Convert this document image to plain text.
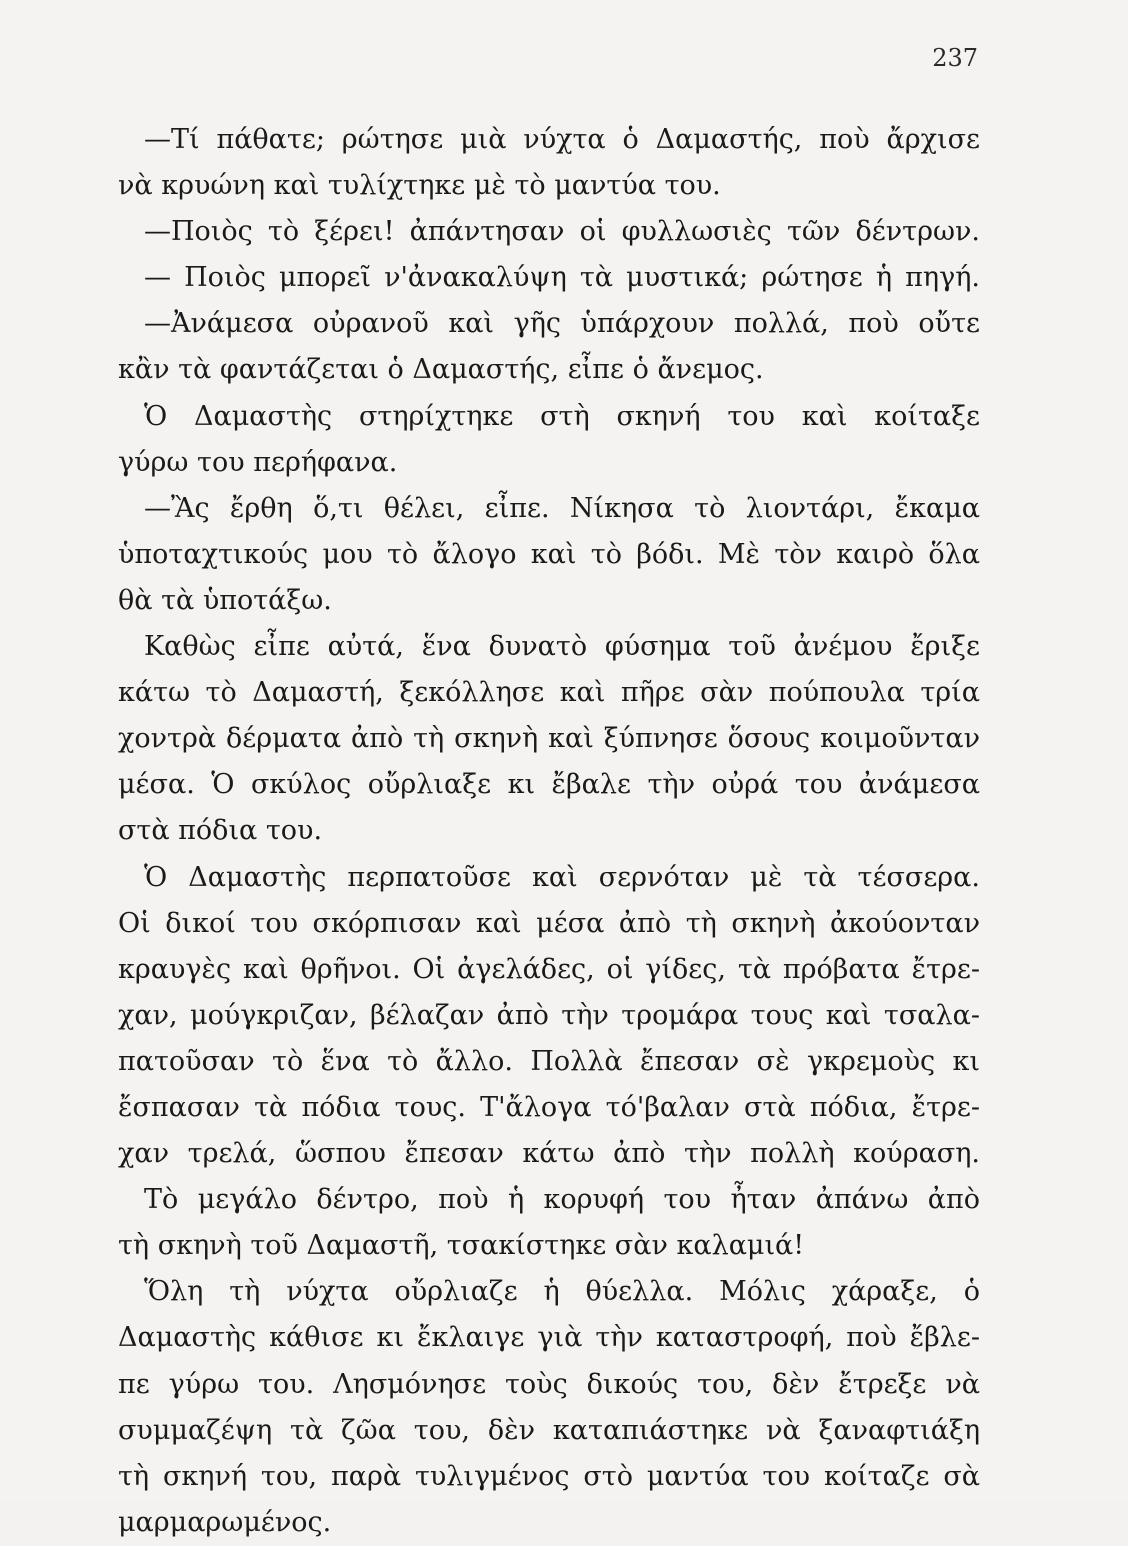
237
—Τί πάθατε; ρώτησε μιὰ νύχτα ὁ Δαμαστής, ποὺ ἄρχισε
νὰ κρυώνη καὶ τυλίχτηκε μὲ τὸ μαντύα του.
—Ποιὸς τὸ ξέρει! ἀπάντησαν οἱ φυλλωσιὲς τῶν δέντρων.
— Ποιὸς μπορεῖ ν'ἀνακαλύψη τὰ μυστικά; ρώτησε ἡ πηγή.
—Ἀνάμεσα οὐρανοῦ καὶ γῆς ὑπάρχουν πολλά, ποὺ οὔτε
κἂν τὰ φαντάζεται ὁ Δαμαστής, εἶπε ὁ ἄνεμος.
Ὁ Δαμαστὴς στηρίχτηκε στὴ σκηνή του καὶ κοίταξε
γύρω του περήφανα.
—Ἂς ἔρθη ὅ,τι θέλει, εἶπε. Νίκησα τὸ λιοντάρι, ἔκαμα
ὑποταχτικούς μου τὸ ἄλογο καὶ τὸ βόδι. Μὲ τὸν καιρὸ ὅλα
θὰ τὰ ὑποτάξω.
Καθὼς εἶπε αὐτά, ἕνα δυνατὸ φύσημα τοῦ ἀνέμου ἔριξε
κάτω τὸ Δαμαστή, ξεκόλλησε καὶ πῆρε σὰν πούπουλα τρία
χοντρὰ δέρματα ἀπὸ τὴ σκηνὴ καὶ ξύπνησε ὅσους κοιμοῦνταν
μέσα. Ὁ σκύλος οὔρλιαξε κι ἔβαλε τὴν οὐρά του ἀνάμεσα
στὰ πόδια του.
Ὁ Δαμαστὴς περπατοῦσε καὶ σερνόταν μὲ τὰ τέσσερα.
Οἱ δικοί του σκόρπισαν καὶ μέσα ἀπὸ τὴ σκηνὴ ἀκούονταν
κραυγὲς καὶ θρῆνοι. Οἱ ἀγελάδες, οἱ γίδες, τὰ πρόβατα ἔτρε-
χαν, μούγκριζαν, βέλαζαν ἀπὸ τὴν τρομάρα τους καὶ τσαλα-
πατοῦσαν τὸ ἕνα τὸ ἄλλο. Πολλὰ ἔπεσαν σὲ γκρεμοὺς κι
ἔσπασαν τὰ πόδια τους. Τ'ἄλογα τό'βαλαν στὰ πόδια, ἔτρε-
χαν τρελά, ὥσπου ἔπεσαν κάτω ἀπὸ τὴν πολλὴ κούραση.
Τὸ μεγάλο δέντρο, ποὺ ἡ κορυφή του ἦταν ἀπάνω ἀπὸ
τὴ σκηνὴ τοῦ Δαμαστῆ, τσακίστηκε σὰν καλαμιά!
Ὅλη τὴ νύχτα οὔρλιαζε ἡ θύελλα. Μόλις χάραξε, ὁ
Δαμαστὴς κάθισε κι ἔκλαιγε γιὰ τὴν καταστροφή, ποὺ ἔβλε-
πε γύρω του. Λησμόνησε τοὺς δικούς του, δὲν ἔτρεξε νὰ
συμμαζέψη τὰ ζῶα του, δὲν καταπιάστηκε νὰ ξαναφτιάξη
τὴ σκηνή του, παρὰ τυλιγμένος στὸ μαντύα του κοίταζε σὰ
μαρμαρωμένος.
